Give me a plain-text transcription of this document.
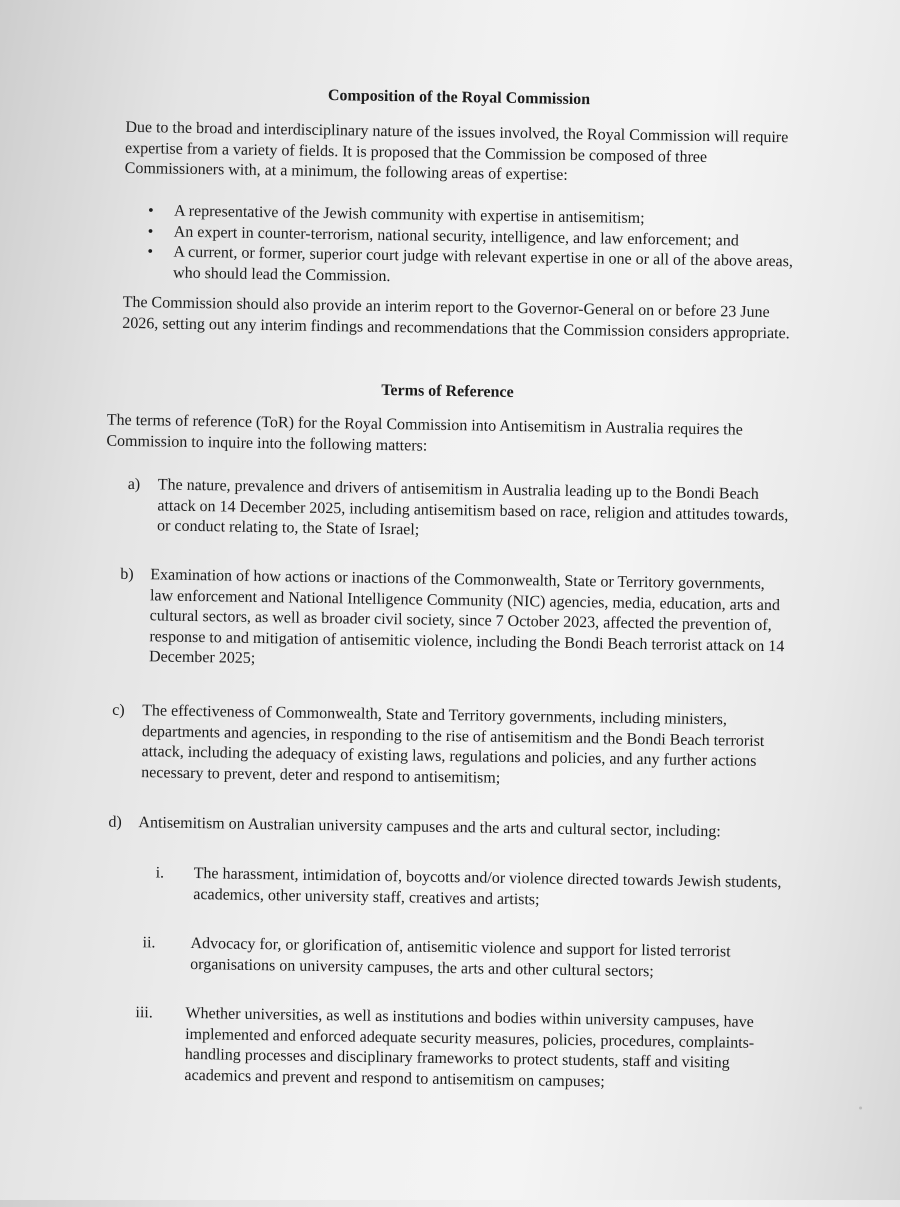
Composition of the Royal Commission
Due to the broad and interdisciplinary nature of the issues involved, the Royal Commission will require expertise from a variety of fields. It is proposed that the Commission be composed of three Commissioners with, at a minimum, the following areas of expertise:
• A representative of the Jewish community with expertise in antisemitism;
• An expert in counter-terrorism, national security, intelligence, and law enforcement; and
• A current, or former, superior court judge with relevant expertise in one or all of the above areas, who should lead the Commission.
The Commission should also provide an interim report to the Governor-General on or before 23 June 2026, setting out any interim findings and recommendations that the Commission considers appropriate.
Terms of Reference
The terms of reference (ToR) for the Royal Commission into Antisemitism in Australia requires the Commission to inquire into the following matters:
a)	The nature, prevalence and drivers of antisemitism in Australia leading up to the Bondi Beach attack on 14 December 2025, including antisemitism based on race, religion and attitudes towards, or conduct relating to, the State of Israel;
b)	Examination of how actions or inactions of the Commonwealth, State or Territory governments, law enforcement and National Intelligence Community (NIC) agencies, media, education, arts and cultural sectors, as well as broader civil society, since 7 October 2023, affected the prevention of, response to and mitigation of antisemitic violence, including the Bondi Beach terrorist attack on 14 December 2025;
c)	The effectiveness of Commonwealth, State and Territory governments, including ministers, departments and agencies, in responding to the rise of antisemitism and the Bondi Beach terrorist attack, including the adequacy of existing laws, regulations and policies, and any further actions necessary to prevent, deter and respond to antisemitism;
d)	Antisemitism on Australian university campuses and the arts and cultural sector, including:
i.	The harassment, intimidation of, boycotts and/or violence directed towards Jewish students, academics, other university staff, creatives and artists;
ii.	Advocacy for, or glorification of, antisemitic violence and support for listed terrorist organisations on university campuses, the arts and other cultural sectors;
iii.	Whether universities, as well as institutions and bodies within university campuses, have implemented and enforced adequate security measures, policies, procedures, complaints-handling processes and disciplinary frameworks to protect students, staff and visiting academics and prevent and respond to antisemitism on campuses;
